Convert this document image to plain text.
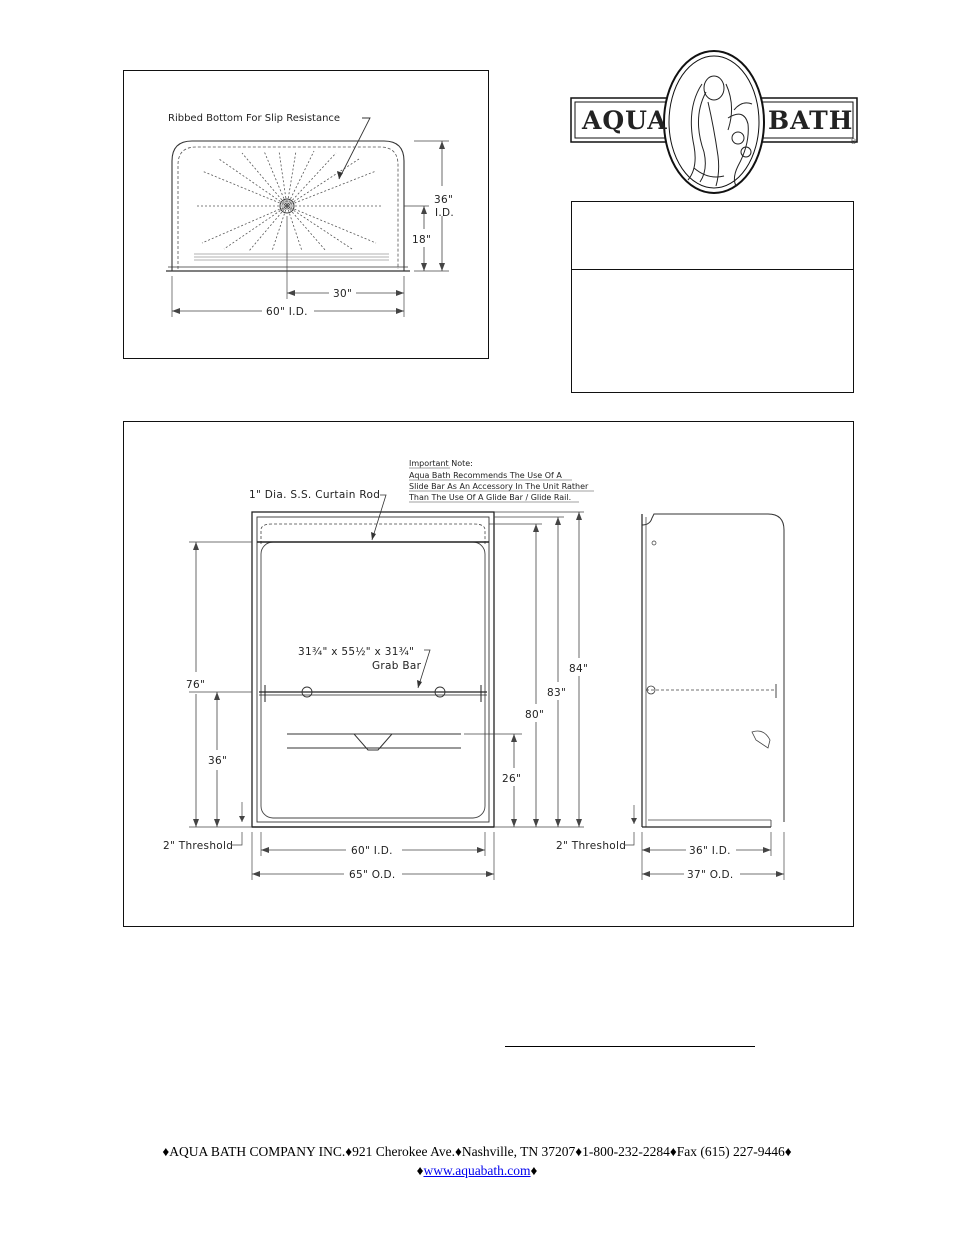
Ribbed Bottom For Slip Resistance
36"
I.D.
18"
30"
60" I.D.
AQUA	BATH
®
Important Note:
Aqua Bath Recommends The Use Of A
Slide Bar As An Accessory In The Unit Rather
Than The Use Of A Glide Bar / Glide Rail.
1" Dia. S.S. Curtain Rod
31¾" x 55½" x 31¾"
Grab Bar
76"
36"
2" Threshold
26"
80"
83"
84"
60" I.D.
65" O.D.
2" Threshold	36" I.D.
37" O.D.
♦AQUA BATH COMPANY INC.♦921 Cherokee Ave.♦Nashville, TN 37207♦1-800-232-2284♦Fax (615) 227-9446♦
♦www.aquabath.com♦
